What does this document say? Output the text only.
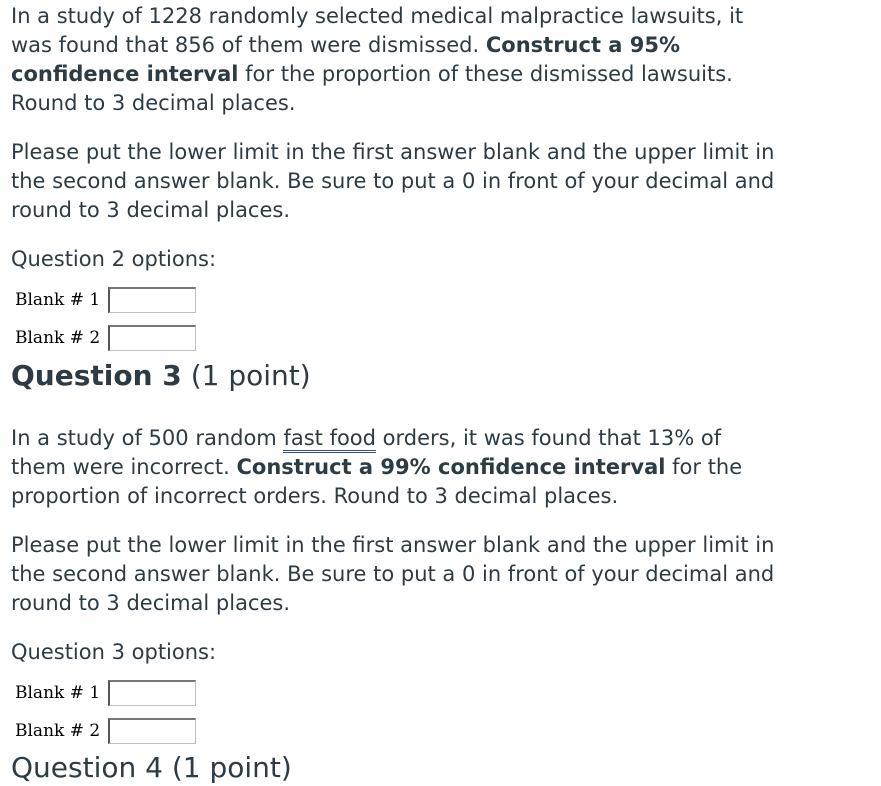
In a study of 1228 randomly selected medical malpractice lawsuits, it was found that 856 of them were dismissed. Construct a 95% confidence interval for the proportion of these dismissed lawsuits. Round to 3 decimal places.

Please put the lower limit in the first answer blank and the upper limit in the second answer blank. Be sure to put a 0 in front of your decimal and round to 3 decimal places.

Question 2 options:

Blank # 1
Blank # 2
Question 3 (1 point)

In a study of 500 random fast food orders, it was found that 13% of them were incorrect. Construct a 99% confidence interval for the proportion of incorrect orders. Round to 3 decimal places.

Please put the lower limit in the first answer blank and the upper limit in the second answer blank. Be sure to put a 0 in front of your decimal and round to 3 decimal places.

Question 3 options:

Blank # 1
Blank # 2
Question 4 (1 point)
